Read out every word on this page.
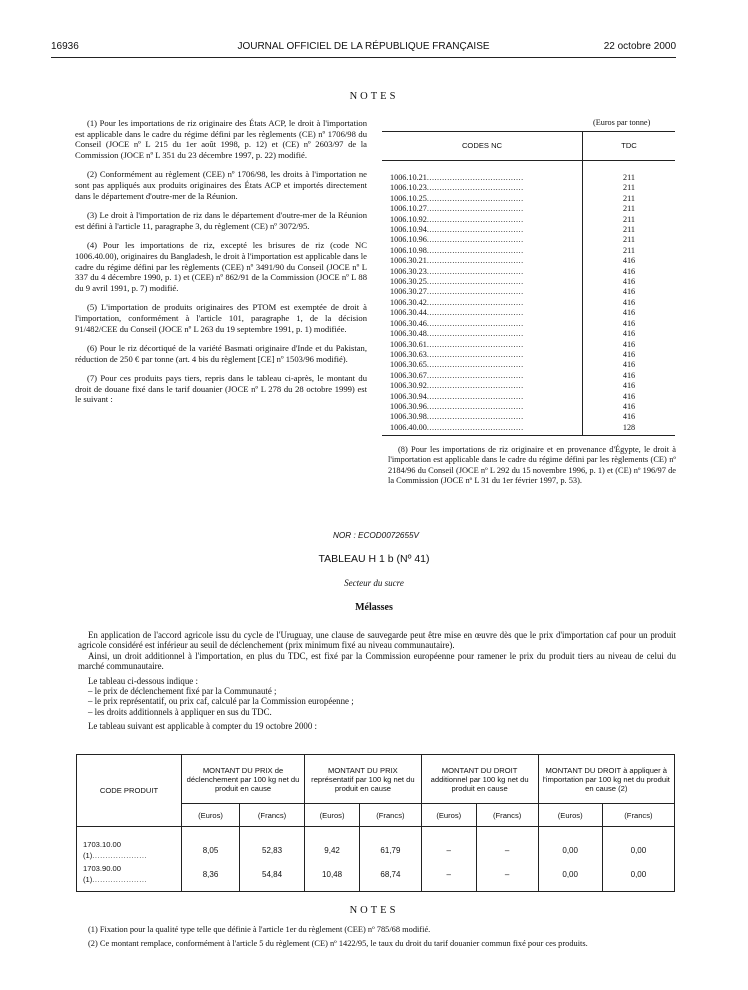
16936	JOURNAL OFFICIEL DE LA RÉPUBLIQUE FRANÇAISE	22 octobre 2000
NOTES

(1) Pour les importations de riz originaire des États ACP, le droit à l'importation est applicable dans le cadre du régime défini par les règlements (CE) nº 1706/98 du Conseil (JOCE nº L 215 du 1er août 1998, p. 12) et (CE) nº 2603/97 de la Commission (JOCE nº L 351 du 23 décembre 1997, p. 22) modifié.

(2) Conformément au règlement (CEE) nº 1706/98, les droits à l'importation ne sont pas appliqués aux produits originaires des États ACP et importés directement dans le département d'outre-mer de la Réunion.

(3) Le droit à l'importation de riz dans le département d'outre-mer de la Réunion est défini à l'article 11, paragraphe 3, du règlement (CE) nº 3072/95.

(4) Pour les importations de riz, excepté les brisures de riz (code NC 1006.40.00), originaires du Bangladesh, le droit à l'importation est applicable dans le cadre du régime défini par les règlements (CEE) nº 3491/90 du Conseil (JOCE nº L 337 du 4 décembre 1990, p. 1) et (CEE) nº 862/91 de la Commission (JOCE nº L 88 du 9 avril 1991, p. 7) modifié.

(5) L'importation de produits originaires des PTOM est exemptée de droit à l'importation, conformément à l'article 101, paragraphe 1, de la décision 91/482/CEE du Conseil (JOCE nº L 263 du 19 septembre 1991, p. 1) modifiée.

(6) Pour le riz décortiqué de la variété Basmati originaire d'Inde et du Pakistan, réduction de 250 € par tonne (art. 4 bis du règlement [CE] nº 1503/96 modifié).

(7) Pour ces produits pays tiers, repris dans le tableau ci-après, le montant du droit de douane fixé dans le tarif douanier (JOCE nº L 278 du 28 octobre 1999) est le suivant :

(Euros par tonne)
CODES NC	TDC

1006.10.21......................................	211
1006.10.23......................................	211
1006.10.25......................................	211
1006.10.27......................................	211
1006.10.92......................................	211
1006.10.94......................................	211
1006.10.96......................................	211
1006.10.98......................................	211
1006.30.21......................................	416
1006.30.23......................................	416
1006.30.25......................................	416
1006.30.27......................................	416
1006.30.42......................................	416
1006.30.44......................................	416
1006.30.46......................................	416
1006.30.48......................................	416
1006.30.61......................................	416
1006.30.63......................................	416
1006.30.65......................................	416
1006.30.67......................................	416
1006.30.92......................................	416
1006.30.94......................................	416
1006.30.96......................................	416
1006.30.98......................................	416
1006.40.00......................................	128

(8) Pour les importations de riz originaire et en provenance d'Égypte, le droit à l'importation est applicable dans le cadre du régime défini par les règlements (CE) nº 2184/96 du Conseil (JOCE nº L 292 du 15 novembre 1996, p. 1) et (CE) nº 196/97 de la Commission (JOCE nº L 31 du 1er février 1997, p. 53).

NOR : ECOD0072655V
TABLEAU H 1 b (Nº 41)
Secteur du sucre
Mélasses

En application de l'accord agricole issu du cycle de l'Uruguay, une clause de sauvegarde peut être mise en œuvre dès que le prix d'importation caf pour un produit agricole considéré est inférieur au seuil de déclenchement (prix minimum fixé au niveau communautaire).

Ainsi, un droit additionnel à l'importation, en plus du TDC, est fixé par la Commission européenne pour ramener le prix du produit tiers au niveau de celui du marché communautaire.

Le tableau ci-dessous indique :

– le prix de déclenchement fixé par la Communauté ;

– le prix représentatif, ou prix caf, calculé par la Commission européenne ;

– les droits additionnels à appliquer en sus du TDC.

Le tableau suivant est applicable à compter du 19 octobre 2000 :

CODE PRODUIT	MONTANT DU PRIX de déclenchement par 100 kg net du produit en cause		MONTANT DU PRIX représentatif par 100 kg net du produit en cause		MONTANT DU DROIT additionnel par 100 kg net du produit en cause		MONTANT DU DROIT à appliquer à l'importation par 100 kg net du produit en cause (2)	
	(Euros)	(Francs)	(Euros)	(Francs)	(Euros)	(Francs)	(Euros)	(Francs)
1703.10.00 (1).....................	8,05	52,83	9,42	61,79	–	–	0,00	0,00
1703.90.00 (1).....................	8,36	54,84	10,48	68,74	–	–	0,00	0,00
NOTES

(1) Fixation pour la qualité type telle que définie à l'article 1er du règlement (CEE) nº 785/68 modifié.

(2) Ce montant remplace, conformément à l'article 5 du règlement (CE) nº 1422/95, le taux du droit du tarif douanier commun fixé pour ces produits.
